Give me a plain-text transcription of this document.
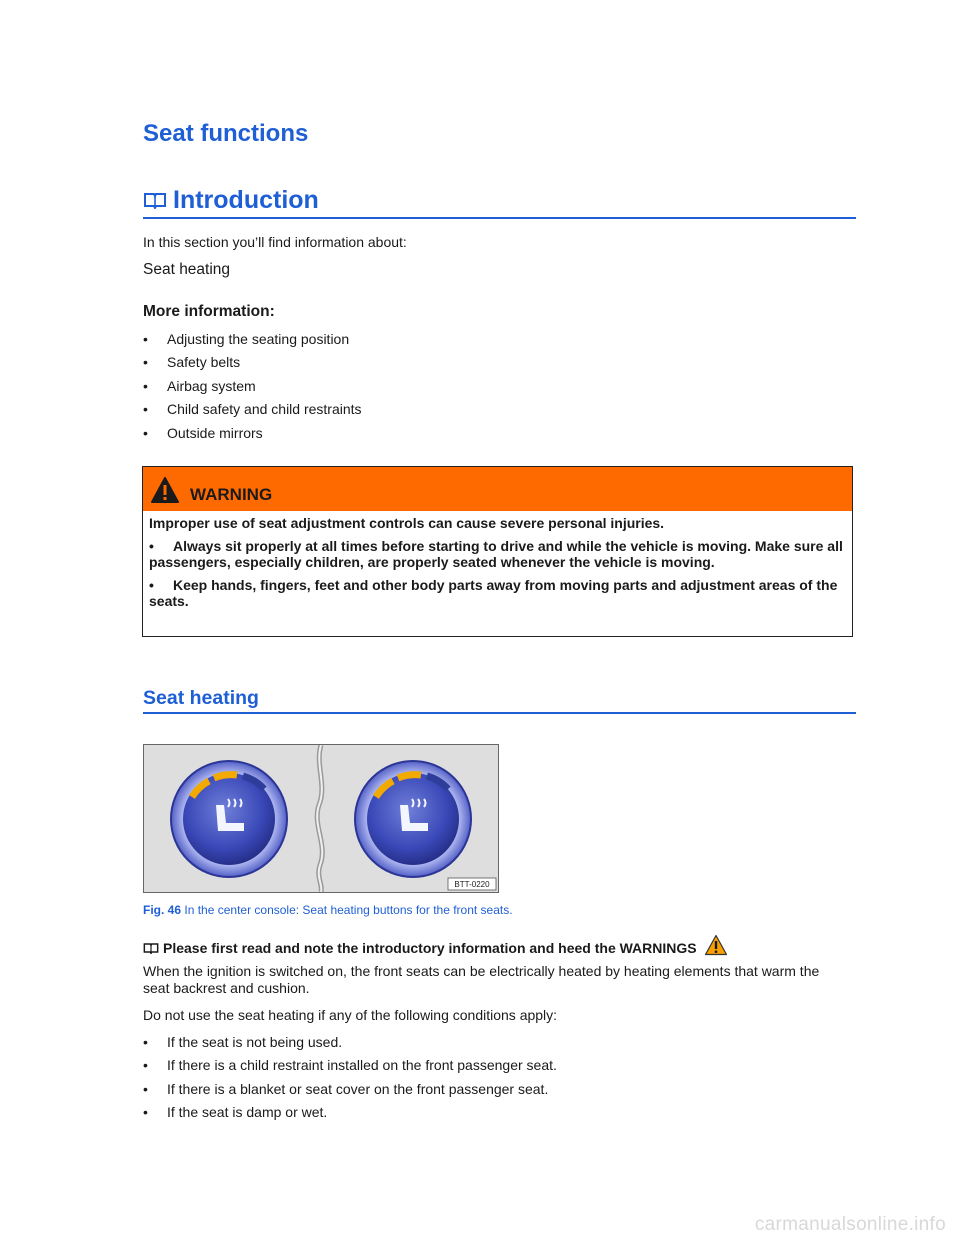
Seat functions
Introduction
In this section you’ll find information about:
Seat heating
More information:
• Adjusting the seating position
• Safety belts
• Airbag system
• Child safety and child restraints
• Outside mirrors
WARNING

Improper use of seat adjustment controls can cause severe personal injuries.

• Always sit properly at all times before starting to drive and while the vehicle is moving. Make sure all passengers, especially children, are properly seated whenever the vehicle is moving.

• Keep hands, fingers, feet and other body parts away from moving parts and adjustment areas of the seats.

Seat heating
BTT-0220
Fig. 46 In the center console: Seat heating buttons for the front seats.
Please first read and note the introductory information and heed the WARNINGS
When the ignition is switched on, the front seats can be electrically heated by heating elements that warm the seat backrest and cushion.
Do not use the seat heating if any of the following conditions apply:
• If the seat is not being used.
• If there is a child restraint installed on the front passenger seat.
• If there is a blanket or seat cover on the front passenger seat.
• If the seat is damp or wet.
carmanualsonline.info
